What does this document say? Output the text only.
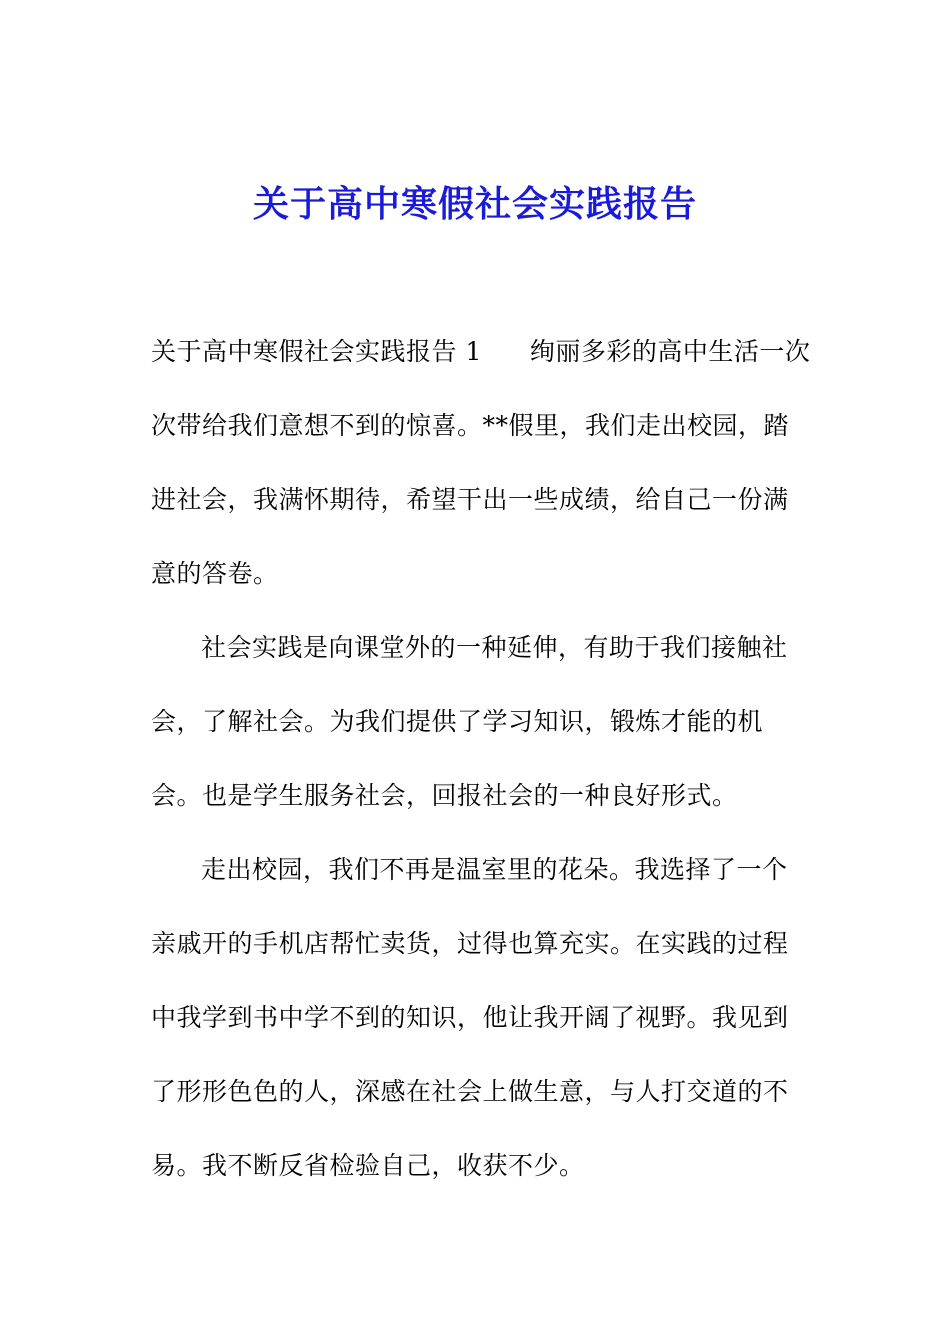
关于高中寒假社会实践报告
关于高中寒假社会实践报告 1 绚丽多彩的高中生活一次
次带给我们意想不到的惊喜。**假里，我们走出校园，踏
进社会，我满怀期待，希望干出一些成绩，给自己一份满
意的答卷。
社会实践是向课堂外的一种延伸，有助于我们接触社
会，了解社会。为我们提供了学习知识，锻炼才能的机
会。也是学生服务社会，回报社会的一种良好形式。
走出校园，我们不再是温室里的花朵。我选择了一个
亲戚开的手机店帮忙卖货，过得也算充实。在实践的过程
中我学到书中学不到的知识，他让我开阔了视野。我见到
了形形色色的人，深感在社会上做生意，与人打交道的不
易。我不断反省检验自己，收获不少。
